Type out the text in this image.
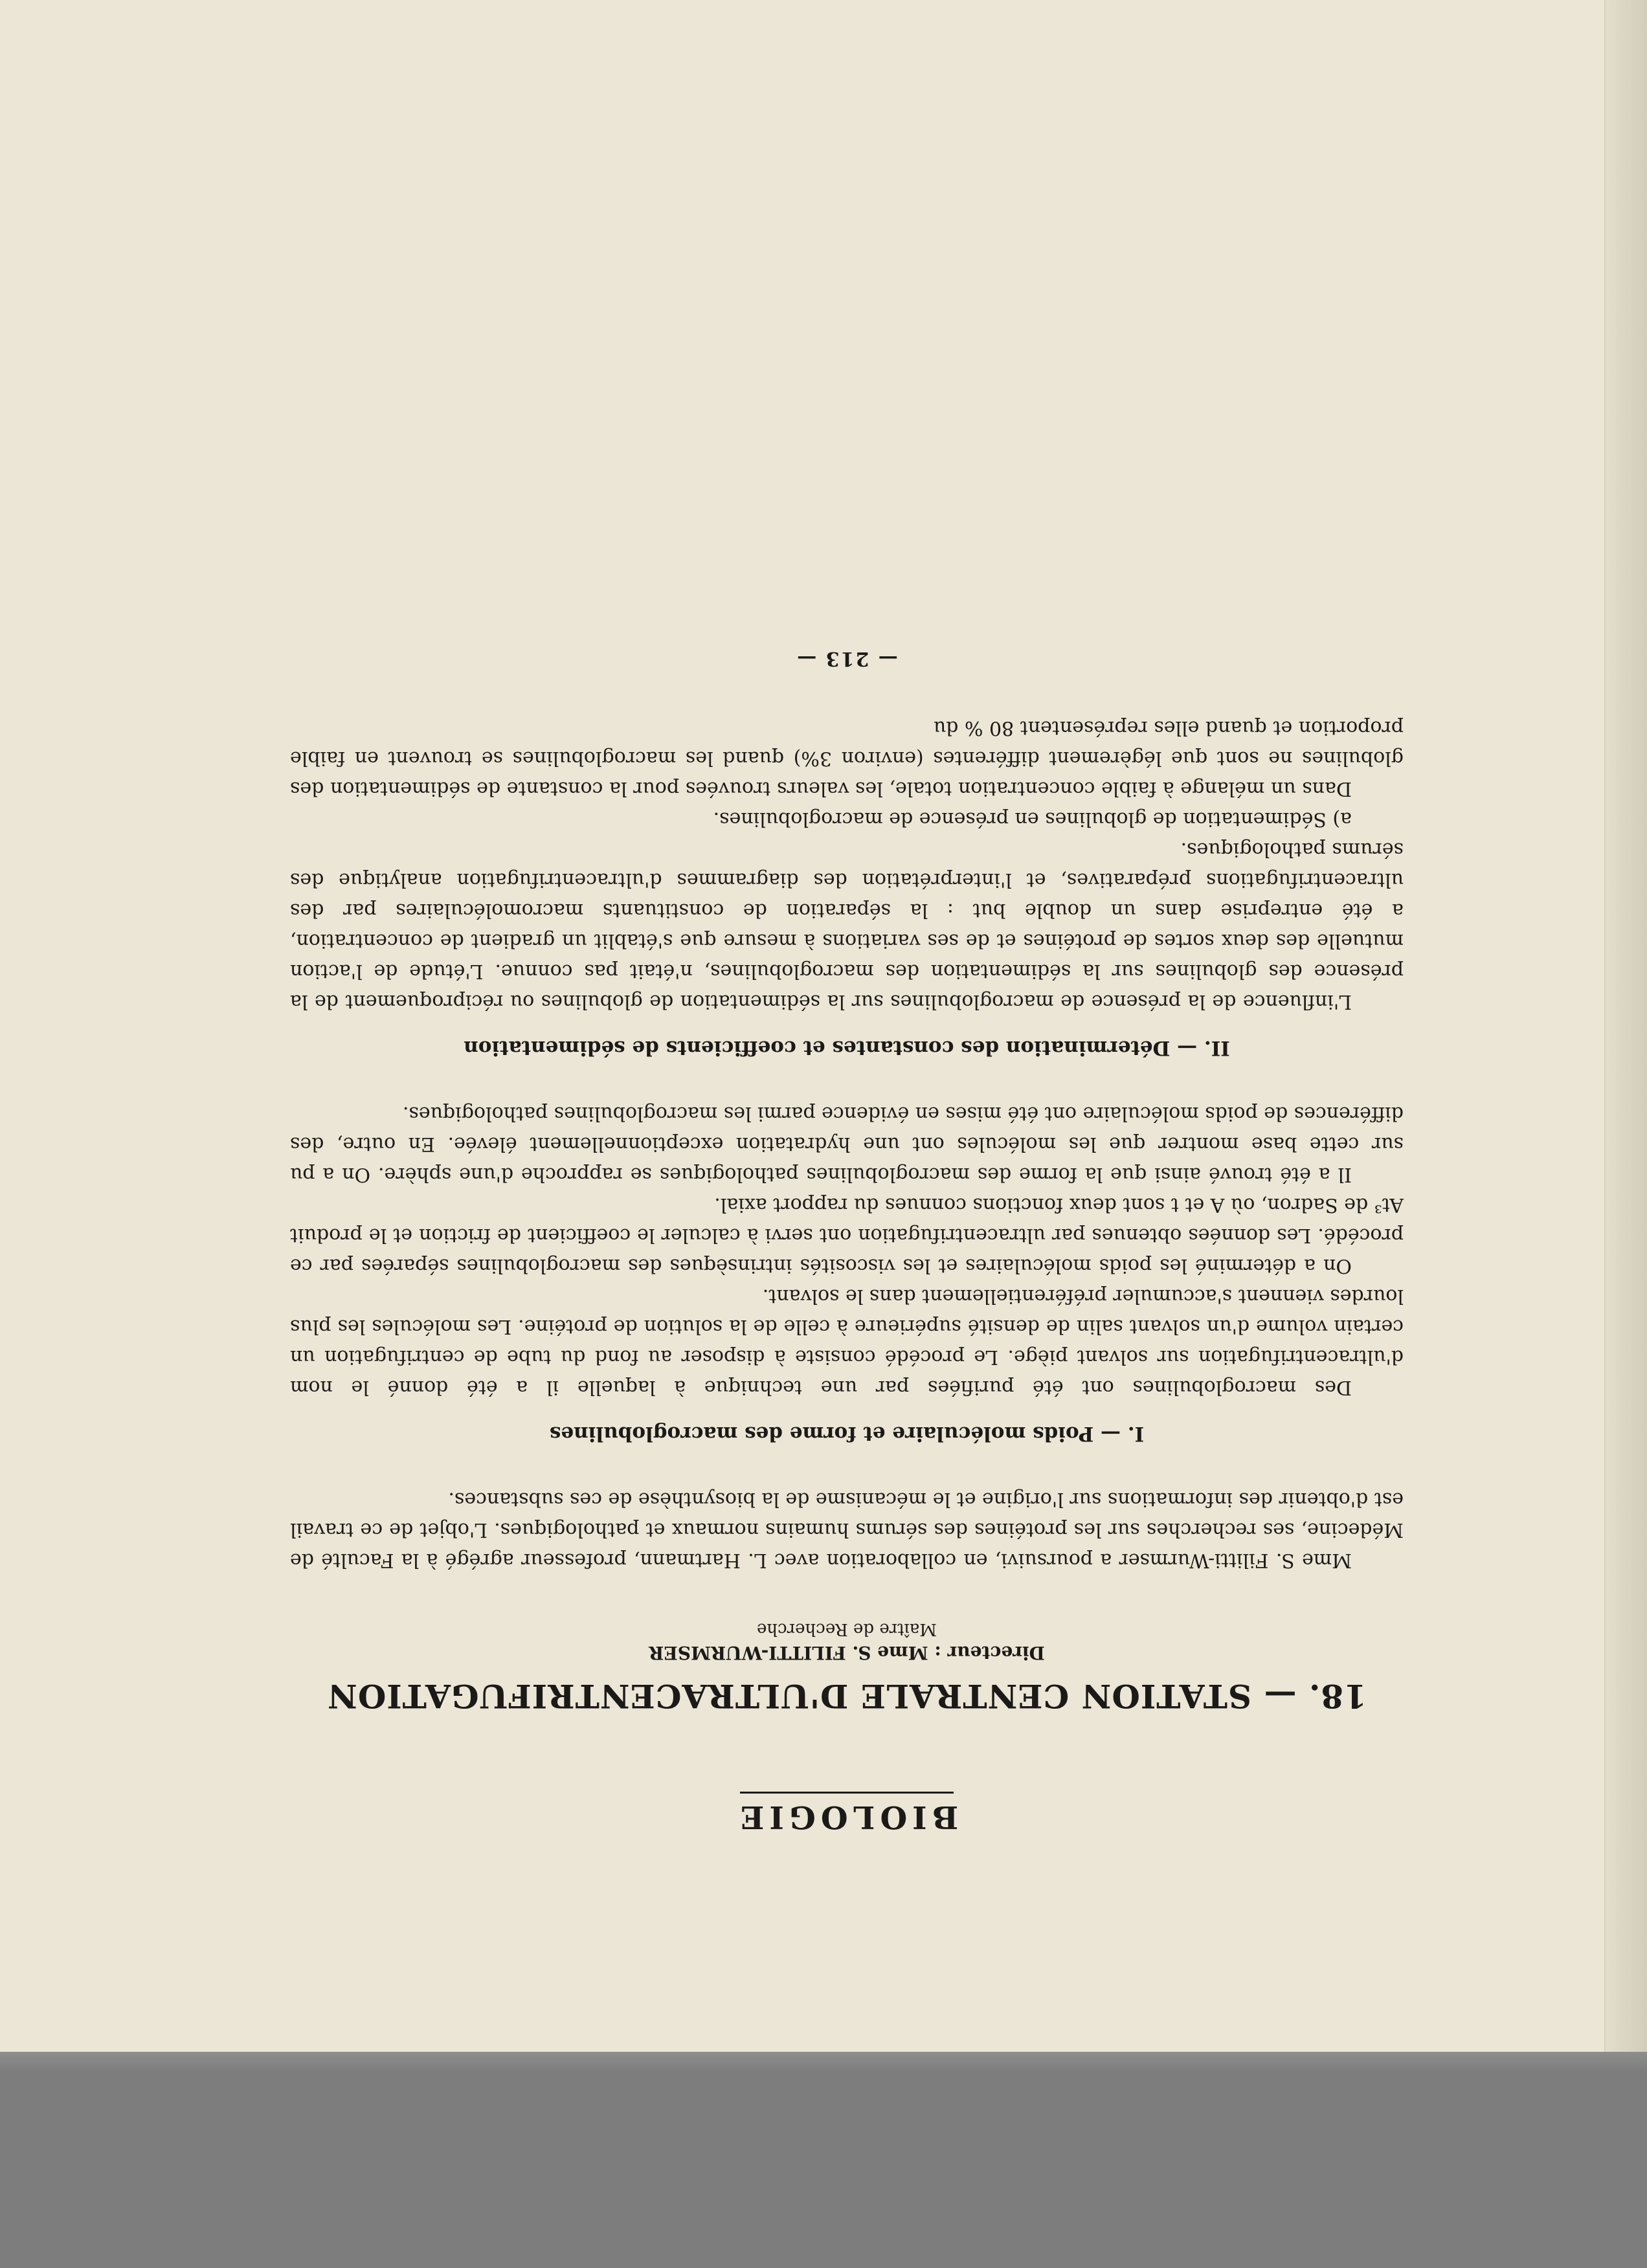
BIOLOGIE
18. — STATION CENTRALE D'ULTRACENTRIFUGATION
Directeur : Mme S. FILITTI-WURMSER
Maître de Recherche

Mme S. Filitti-Wurmser a poursuivi, en collaboration avec L. Hartmann, professeur agrégé à la Faculté de Médecine, ses recherches sur les protéines des sérums humains normaux et pathologiques. L'objet de ce travail est d'obtenir des informations sur l'origine et le mécanisme de la biosynthèse de ces substances.

I. — Poids moléculaire et forme des macroglobulines

Des macroglobulines ont été purifiées par une technique à laquelle il a été donné le nom d'ultracentrifugation sur solvant piège. Le procédé consiste à disposer au fond du tube de centrifugation un certain volume d'un solvant salin de densité supérieure à celle de la solution de protéine. Les molécules les plus lourdes viennent s'accumuler préférentiellement dans le solvant.

On a déterminé les poids moléculaires et les viscosités intrinsèques des macroglobulines séparées par ce procédé. Les données obtenues par ultracentrifugation ont servi à calculer le coefficient de friction et le produit At³ de Sadron, où A et t sont deux fonctions connues du rapport axial.

Il a été trouvé ainsi que la forme des macroglobulines pathologiques se rapproche d'une sphère. On a pu sur cette base montrer que les molécules ont une hydratation exceptionnellement élevée. En outre, des différences de poids moléculaire ont été mises en évidence parmi les macroglobulines pathologiques.

II. — Détermination des constantes et coefficients de sédimentation

L'influence de la présence de macroglobulines sur la sédimentation de globulines ou réciproquement de la présence des globulines sur la sédimentation des macroglobulines, n'était pas connue. L'étude de l'action mutuelle des deux sortes de protéines et de ses variations à mesure que s'établit un gradient de concentration, a été entreprise dans un double but : la séparation de constituants macromoléculaires par des ultracentrifugations préparatives, et l'interprétation des diagrammes d'ultracentrifugation analytique des sérums pathologiques.

a) Sédimentation de globulines en présence de macroglobulines.

Dans un mélange à faible concentration totale, les valeurs trouvées pour la constante de sédimentation des globulines ne sont que légèrement différentes (environ 3%) quand les macroglobulines se trouvent en faible proportion et quand elles représentent 80 % du

— 213 —
